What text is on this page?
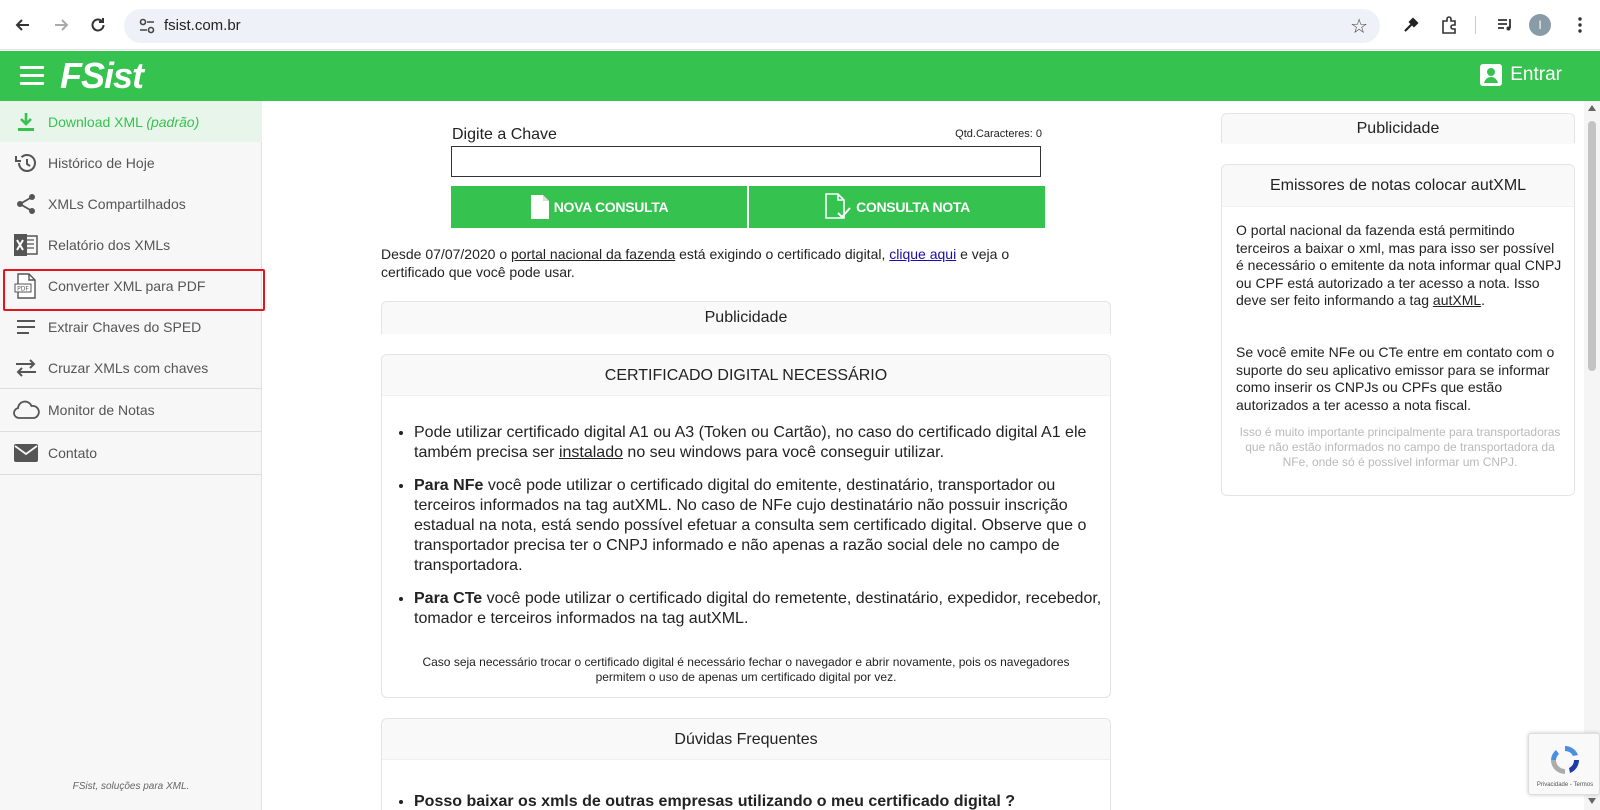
fsist.com.br	☆	I
FSist	Entrar
Download XML (padrão)
Histórico de Hoje
XMLs Compartilhados
Relatório dos XMLs
PDF Converter XML para PDF
Extrair Chaves do SPED
Cruzar XMLs com chaves
Monitor de Notas
Contato
FSist, soluções para XML.
Digite a Chave	Qtd.Caracteres: 0
NOVA CONSULTA	CONSULTA NOTA
Desde 07/07/2020 o portal nacional da fazenda está exigindo o certificado digital, clique aqui e veja o certificado que você pode usar.
Publicidade
CERTIFICADO DIGITAL NECESSÁRIO
• Pode utilizar certificado digital A1 ou A3 (Token ou Cartão), no caso do certificado digital A1 ele também precisa ser instalado no seu windows para você conseguir utilizar.
• Para NFe você pode utilizar o certificado digital do emitente, destinatário, transportador ou terceiros informados na tag autXML. No caso de NFe cujo destinatário não possuir inscrição estadual na nota, está sendo possível efetuar a consulta sem certificado digital. Observe que o transportador precisa ter o CNPJ informado e não apenas a razão social dele no campo de transportadora.
• Para CTe você pode utilizar o certificado digital do remetente, destinatário, expedidor, recebedor, tomador e terceiros informados na tag autXML.
Caso seja necessário trocar o certificado digital é necessário fechar o navegador e abrir novamente, pois os navegadores permitem o uso de apenas um certificado digital por vez.
Dúvidas Frequentes
• Posso baixar os xmls de outras empresas utilizando o meu certificado digital ?
Publicidade
Emissores de notas colocar autXML
O portal nacional da fazenda está permitindo terceiros a baixar o xml, mas para isso ser possível é necessário o emitente da nota informar qual CNPJ ou CPF está autorizado a ter acesso a nota. Isso deve ser feito informando a tag autXML.
Se você emite NFe ou CTe entre em contato com o suporte do seu aplicativo emissor para se informar como inserir os CNPJs ou CPFs que estão autorizados a ter acesso a nota fiscal.
Isso é muito importante principalmente para transportadoras que não estão informados no campo de transportadora da NFe, onde só é possível informar um CNPJ.
Privacidade - Termos
